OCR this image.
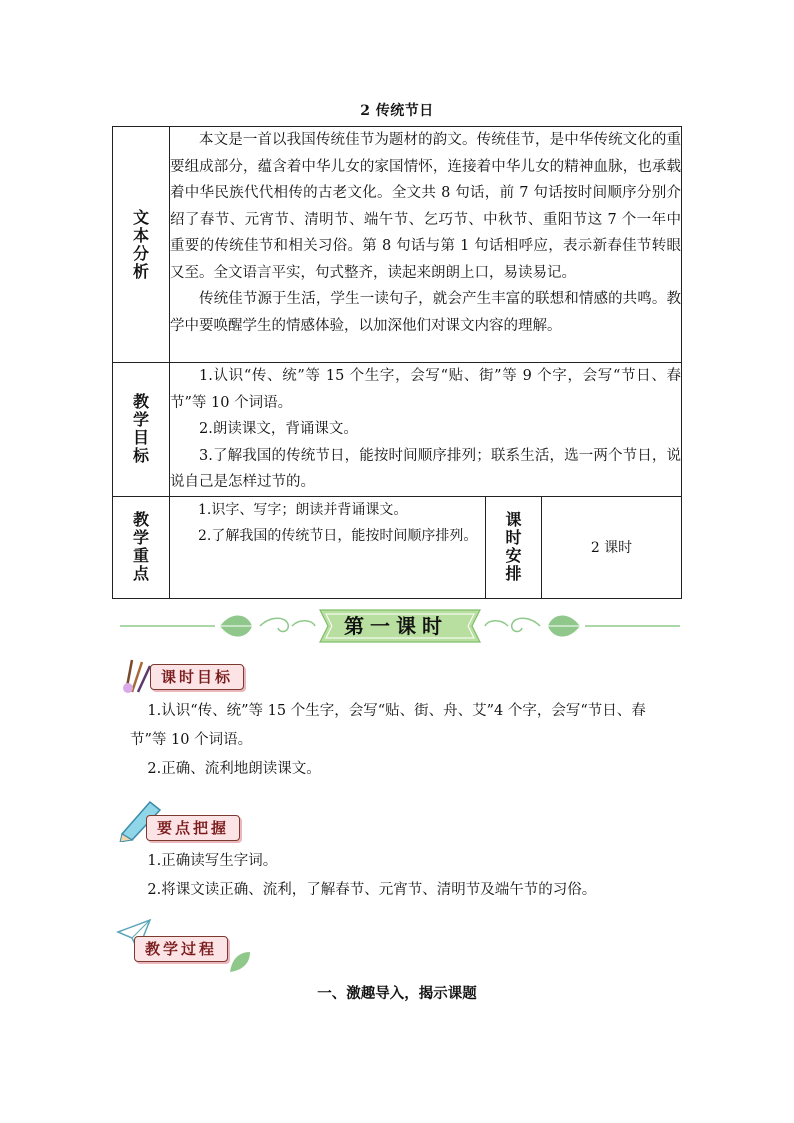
2 传统节日
文本分析	本文是一首以我国传统佳节为题材的韵文。传统佳节，是中华传统文化的重要组成部分，蕴含着中华儿女的家国情怀，连接着中华儿女的精神血脉，也承载着中华民族代代相传的古老文化。全文共 8 句话，前 7 句话按时间顺序分别介绍了春节、元宵节、清明节、端午节、乞巧节、中秋节、重阳节这 7 个一年中重要的传统佳节和相关习俗。第 8 句话与第 1 句话相呼应，表示新春佳节转眼又至。全文语言平实，句式整齐，读起来朗朗上口，易读易记。

传统佳节源于生活，学生一读句子，就会产生丰富的联想和情感的共鸣。教学中要唤醒学生的情感体验，以加深他们对课文内容的理解。		

教学目标	1.认识“传、统”等 15 个生字，会写“贴、街”等 9 个字，会写“节日、春节”等 10 个词语。

2.朗读课文，背诵课文。

3.了解我国的传统节日，能按时间顺序排列；联系生活，选一两个节日，说说自己是怎样过节的。		

教学重点	1.识字、写字；朗读并背诵课文。

2.了解我国的传统节日，能按时间顺序排列。	课时安排	2 课时
第一课时
课时目标

1.认识“传、统”等 15 个生字，会写“贴、街、舟、艾”4 个字，会写“节日、春节”等 10 个词语。

2.正确、流利地朗读课文。

要点把握

1.正确读写生字词。

2.将课文读正确、流利，了解春节、元宵节、清明节及端午节的习俗。

教学过程
一、激趣导入，揭示课题
